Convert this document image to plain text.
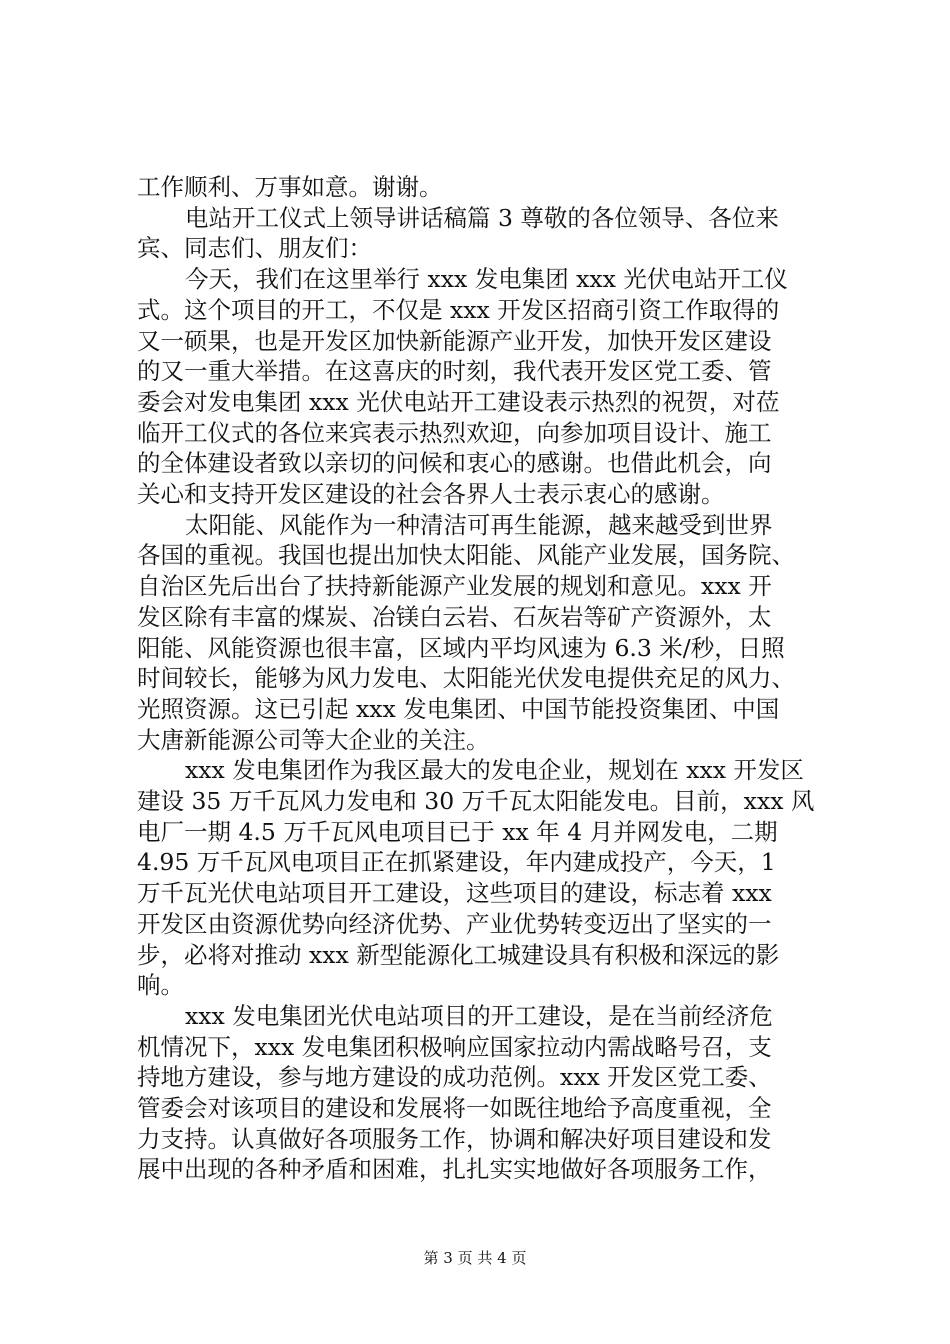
工作顺利、万事如意。谢谢。
电站开工仪式上领导讲话稿篇 3 尊敬的各位领导、各位来
宾、同志们、朋友们：
今天，我们在这里举行 xxx 发电集团 xxx 光伏电站开工仪
式。这个项目的开工，不仅是 xxx 开发区招商引资工作取得的
又一硕果，也是开发区加快新能源产业开发，加快开发区建设
的又一重大举措。在这喜庆的时刻，我代表开发区党工委、管
委会对发电集团 xxx 光伏电站开工建设表示热烈的祝贺，对莅
临开工仪式的各位来宾表示热烈欢迎，向参加项目设计、施工
的全体建设者致以亲切的问候和衷心的感谢。也借此机会，向
关心和支持开发区建设的社会各界人士表示衷心的感谢。
太阳能、风能作为一种清洁可再生能源，越来越受到世界
各国的重视。我国也提出加快太阳能、风能产业发展，国务院、
自治区先后出台了扶持新能源产业发展的规划和意见。xxx 开
发区除有丰富的煤炭、冶镁白云岩、石灰岩等矿产资源外，太
阳能、风能资源也很丰富，区域内平均风速为 6.3 米/秒，日照
时间较长，能够为风力发电、太阳能光伏发电提供充足的风力、
光照资源。这已引起 xxx 发电集团、中国节能投资集团、中国
大唐新能源公司等大企业的关注。
xxx 发电集团作为我区最大的发电企业，规划在 xxx 开发区
建设 35 万千瓦风力发电和 30 万千瓦太阳能发电。目前，xxx 风
电厂一期 4.5 万千瓦风电项目已于 xx 年 4 月并网发电，二期
4.95 万千瓦风电项目正在抓紧建设，年内建成投产，今天，1
万千瓦光伏电站项目开工建设，这些项目的建设，标志着 xxx
开发区由资源优势向经济优势、产业优势转变迈出了坚实的一
步，必将对推动 xxx 新型能源化工城建设具有积极和深远的影
响。
xxx 发电集团光伏电站项目的开工建设，是在当前经济危
机情况下，xxx 发电集团积极响应国家拉动内需战略号召，支
持地方建设，参与地方建设的成功范例。xxx 开发区党工委、
管委会对该项目的建设和发展将一如既往地给予高度重视，全
力支持。认真做好各项服务工作，协调和解决好项目建设和发
展中出现的各种矛盾和困难，扎扎实实地做好各项服务工作，
第 3 页 共 4 页
